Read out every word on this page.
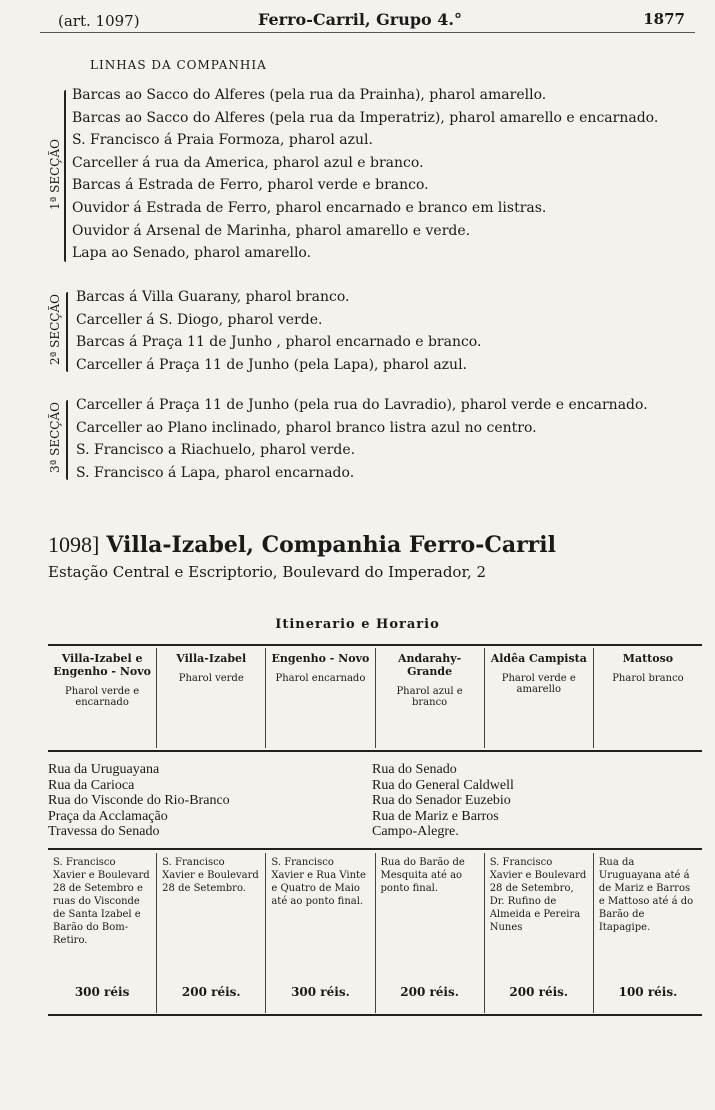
(art. 1097)	Ferro-Carril, Grupo 4.°	1877
LINHAS DA COMPANHIA
1ª SECÇÃO
Barcas ao Sacco do Alferes (pela rua da Prainha), pharol amarello.
Barcas ao Sacco do Alferes (pela rua da Imperatriz), pharol amarello e encarnado.
S. Francisco á Praia Formoza, pharol azul.
Carceller á rua da America, pharol azul e branco.
Barcas á Estrada de Ferro, pharol verde e branco.
Ouvidor á Estrada de Ferro, pharol encarnado e branco em listras.
Ouvidor á Arsenal de Marinha, pharol amarello e verde.
Lapa ao Senado, pharol amarello.
2ª SECÇÃO Barcas á Villa Guarany, pharol branco.
Carceller á S. Diogo, pharol verde.
Barcas á Praça 11 de Junho , pharol encarnado e branco.
Carceller á Praça 11 de Junho (pela Lapa), pharol azul.
3ª SECÇÃO Carceller á Praça 11 de Junho (pela rua do Lavradio), pharol verde e encarnado.
Carceller ao Plano inclinado, pharol branco listra azul no centro.
S. Francisco a Riachuelo, pharol verde.
S. Francisco á Lapa, pharol encarnado.
1098] Villa-Izabel, Companhia Ferro-Carril
Estação Central e Escriptorio, Boulevard do Imperador, 2
Itinerario e Horario
Villa-Izabel e Engenho - Novo
Pharol verde e encarnado
Villa-Izabel
Pharol verde
Engenho - Novo
Pharol encarnado
Andarahy-Grande
Pharol azul e branco
Aldêa Campista
Pharol verde e amarello
Mattoso
Pharol branco
Rua da Uruguayana
Rua da Carioca
Rua do Visconde do Rio-Branco
Praça da Acclamação
Travessa do Senado
Rua do Senado
Rua do General Caldwell
Rua do Senador Euzebio
Rua de Mariz e Barros
Campo-Alegre.
S. Francisco Xavier e Boulevard 28 de Setembro e ruas do Visconde de Santa Izabel e Barão do Bom-Retiro.
300 réis
S. Francisco Xavier e Boulevard 28 de Setembro.
200 réis.
S. Francisco Xavier e Rua Vinte e Quatro de Maio até ao ponto final.
300 réis.
Rua do Barão de Mesquita até ao ponto final.
200 réis.
S. Francisco Xavier e Boulevard 28 de Setembro, Dr. Rufino de Almeida e Pereira Nunes
200 réis.
Rua da Uruguayana até á de Mariz e Barros e Mattoso até á do Barão de Itapagipe.
100 réis.
